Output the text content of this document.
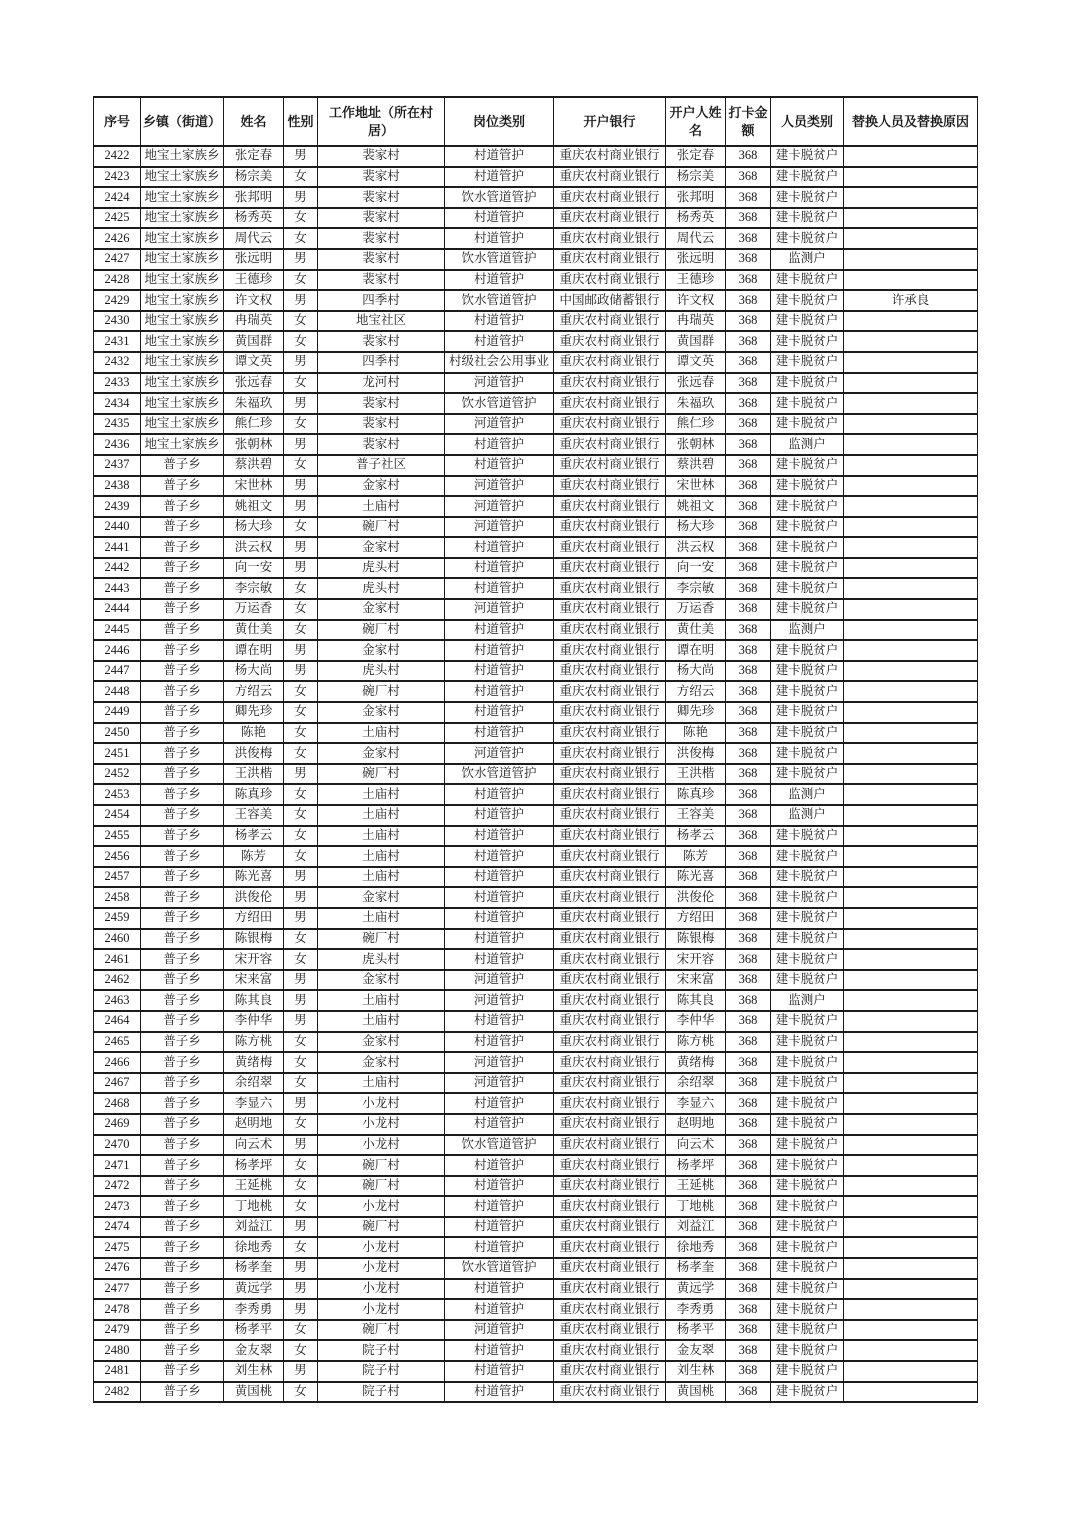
序号	乡镇（街道）	姓名	性别	工作地址（所在村居）	岗位类别	开户银行	开户人姓名	打卡金额	人员类别	替换人员及替换原因
2422	地宝土家族乡	张定春	男	裴家村	村道管护	重庆农村商业银行	张定春	368	建卡脱贫户	
2423	地宝土家族乡	杨宗美	女	裴家村	村道管护	重庆农村商业银行	杨宗美	368	建卡脱贫户	
2424	地宝土家族乡	张邦明	男	裴家村	饮水管道管护	重庆农村商业银行	张邦明	368	建卡脱贫户	
2425	地宝土家族乡	杨秀英	女	裴家村	村道管护	重庆农村商业银行	杨秀英	368	建卡脱贫户	
2426	地宝土家族乡	周代云	女	裴家村	村道管护	重庆农村商业银行	周代云	368	建卡脱贫户	
2427	地宝土家族乡	张远明	男	裴家村	饮水管道管护	重庆农村商业银行	张远明	368	监测户	
2428	地宝土家族乡	王德珍	女	裴家村	村道管护	重庆农村商业银行	王德珍	368	建卡脱贫户	
2429	地宝土家族乡	许文权	男	四季村	饮水管道管护	中国邮政储蓄银行	许文权	368	建卡脱贫户	许承良
2430	地宝土家族乡	冉瑞英	女	地宝社区	村道管护	重庆农村商业银行	冉瑞英	368	建卡脱贫户	
2431	地宝土家族乡	黄国群	女	裴家村	村道管护	重庆农村商业银行	黄国群	368	建卡脱贫户	
2432	地宝土家族乡	谭文英	男	四季村	村级社会公用事业	重庆农村商业银行	谭文英	368	建卡脱贫户	
2433	地宝土家族乡	张远春	女	龙河村	河道管护	重庆农村商业银行	张远春	368	建卡脱贫户	
2434	地宝土家族乡	朱福玖	男	裴家村	饮水管道管护	重庆农村商业银行	朱福玖	368	建卡脱贫户	
2435	地宝土家族乡	熊仁珍	女	裴家村	河道管护	重庆农村商业银行	熊仁珍	368	建卡脱贫户	
2436	地宝土家族乡	张朝林	男	裴家村	村道管护	重庆农村商业银行	张朝林	368	监测户	
2437	普子乡	蔡洪碧	女	普子社区	村道管护	重庆农村商业银行	蔡洪碧	368	建卡脱贫户	
2438	普子乡	宋世林	男	金家村	河道管护	重庆农村商业银行	宋世林	368	建卡脱贫户	
2439	普子乡	姚祖文	男	土庙村	河道管护	重庆农村商业银行	姚祖文	368	建卡脱贫户	
2440	普子乡	杨大珍	女	碗厂村	河道管护	重庆农村商业银行	杨大珍	368	建卡脱贫户	
2441	普子乡	洪云权	男	金家村	村道管护	重庆农村商业银行	洪云权	368	建卡脱贫户	
2442	普子乡	向一安	男	虎头村	村道管护	重庆农村商业银行	向一安	368	建卡脱贫户	
2443	普子乡	李宗敏	女	虎头村	村道管护	重庆农村商业银行	李宗敏	368	建卡脱贫户	
2444	普子乡	万运香	女	金家村	河道管护	重庆农村商业银行	万运香	368	建卡脱贫户	
2445	普子乡	黄仕美	女	碗厂村	村道管护	重庆农村商业银行	黄仕美	368	监测户	
2446	普子乡	谭在明	男	金家村	村道管护	重庆农村商业银行	谭在明	368	建卡脱贫户	
2447	普子乡	杨大尚	男	虎头村	村道管护	重庆农村商业银行	杨大尚	368	建卡脱贫户	
2448	普子乡	方绍云	女	碗厂村	村道管护	重庆农村商业银行	方绍云	368	建卡脱贫户	
2449	普子乡	卿先珍	女	金家村	村道管护	重庆农村商业银行	卿先珍	368	建卡脱贫户	
2450	普子乡	陈艳	女	土庙村	村道管护	重庆农村商业银行	陈艳	368	建卡脱贫户	
2451	普子乡	洪俊梅	女	金家村	河道管护	重庆农村商业银行	洪俊梅	368	建卡脱贫户	
2452	普子乡	王洪楷	男	碗厂村	饮水管道管护	重庆农村商业银行	王洪楷	368	建卡脱贫户	
2453	普子乡	陈真珍	女	土庙村	村道管护	重庆农村商业银行	陈真珍	368	监测户	
2454	普子乡	王容美	女	土庙村	村道管护	重庆农村商业银行	王容美	368	监测户	
2455	普子乡	杨孝云	女	土庙村	村道管护	重庆农村商业银行	杨孝云	368	建卡脱贫户	
2456	普子乡	陈芳	女	土庙村	村道管护	重庆农村商业银行	陈芳	368	建卡脱贫户	
2457	普子乡	陈光喜	男	土庙村	村道管护	重庆农村商业银行	陈光喜	368	建卡脱贫户	
2458	普子乡	洪俊伦	男	金家村	村道管护	重庆农村商业银行	洪俊伦	368	建卡脱贫户	
2459	普子乡	方绍田	男	土庙村	村道管护	重庆农村商业银行	方绍田	368	建卡脱贫户	
2460	普子乡	陈银梅	女	碗厂村	村道管护	重庆农村商业银行	陈银梅	368	建卡脱贫户	
2461	普子乡	宋开容	女	虎头村	村道管护	重庆农村商业银行	宋开容	368	建卡脱贫户	
2462	普子乡	宋来富	男	金家村	河道管护	重庆农村商业银行	宋来富	368	建卡脱贫户	
2463	普子乡	陈其良	男	土庙村	河道管护	重庆农村商业银行	陈其良	368	监测户	
2464	普子乡	李仲华	男	土庙村	村道管护	重庆农村商业银行	李仲华	368	建卡脱贫户	
2465	普子乡	陈方桃	女	金家村	村道管护	重庆农村商业银行	陈方桃	368	建卡脱贫户	
2466	普子乡	黄绪梅	女	金家村	河道管护	重庆农村商业银行	黄绪梅	368	建卡脱贫户	
2467	普子乡	余绍翠	女	土庙村	河道管护	重庆农村商业银行	余绍翠	368	建卡脱贫户	
2468	普子乡	李显六	男	小龙村	村道管护	重庆农村商业银行	李显六	368	建卡脱贫户	
2469	普子乡	赵明地	女	小龙村	村道管护	重庆农村商业银行	赵明地	368	建卡脱贫户	
2470	普子乡	向云术	男	小龙村	饮水管道管护	重庆农村商业银行	向云术	368	建卡脱贫户	
2471	普子乡	杨孝坪	女	碗厂村	村道管护	重庆农村商业银行	杨孝坪	368	建卡脱贫户	
2472	普子乡	王延桃	女	碗厂村	村道管护	重庆农村商业银行	王延桃	368	建卡脱贫户	
2473	普子乡	丁地桃	女	小龙村	村道管护	重庆农村商业银行	丁地桃	368	建卡脱贫户	
2474	普子乡	刘益江	男	碗厂村	村道管护	重庆农村商业银行	刘益江	368	建卡脱贫户	
2475	普子乡	徐地秀	女	小龙村	村道管护	重庆农村商业银行	徐地秀	368	建卡脱贫户	
2476	普子乡	杨孝奎	男	小龙村	饮水管道管护	重庆农村商业银行	杨孝奎	368	建卡脱贫户	
2477	普子乡	黄远学	男	小龙村	村道管护	重庆农村商业银行	黄远学	368	建卡脱贫户	
2478	普子乡	李秀勇	男	小龙村	村道管护	重庆农村商业银行	李秀勇	368	建卡脱贫户	
2479	普子乡	杨孝平	女	碗厂村	河道管护	重庆农村商业银行	杨孝平	368	建卡脱贫户	
2480	普子乡	金友翠	女	院子村	村道管护	重庆农村商业银行	金友翠	368	建卡脱贫户	
2481	普子乡	刘生林	男	院子村	村道管护	重庆农村商业银行	刘生林	368	建卡脱贫户	
2482	普子乡	黄国桃	女	院子村	村道管护	重庆农村商业银行	黄国桃	368	建卡脱贫户	
